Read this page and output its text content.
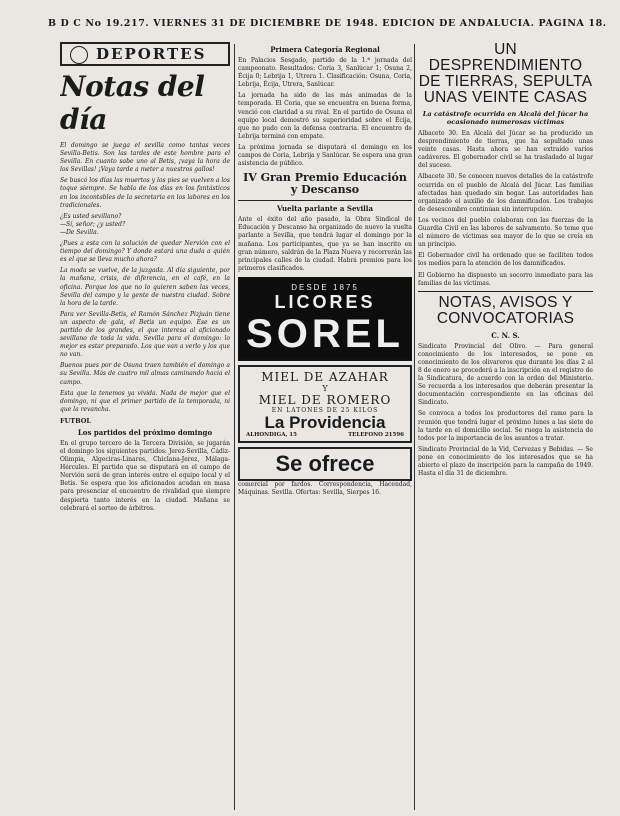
B D C No 19.217. VIERNES 31 DE DICIEMBRE DE 1948. EDICION DE ANDALUCIA. PAGINA 18.
DEPORTES
Notas del día

El domingo se juega el sevilla como tantas veces Sevilla-Betis. Son las tardes de este hombre para el Sevilla. En cuanto sabe uno al Betis, ¡vaya la hora de los Sevillas! ¡Vaya tarde a meter a nuestros gallos!

Se buscó los días las muertos y los pies se vuelven a los toque siempre. Se habla de los días en los fantásticos en los incontables de la secretaria en los labores en los tradicionales.

¿Es usted sevillano?
—Sí, señor; ¿y usted?
—De Sevilla.

¿Pues a esta con la solución de quedar Nervión con el tiempo del domingo? Y donde estará una duda a quién es el que se lleva mucho ahora?

La moda se vuelve, de la juzgada. Al día siguiente, por la mañana, crisis, de diferencia, en el café, en la oficina. Porque los que no lo quieren saben las veces, Sevilla del campo y la gente de nuestra ciudad. Sobre la hora de la tarde.

Para ver Sevilla-Betis, el Ramón Sánchez Pizjuán tiene un aspecto de gala, el Betis un equipo. Ese es un partido de los grandes, el que interesa al aficionado sevillano de toda la vida. Sevilla para el domingo: lo mejor es estar preparado. Los que van a verlo y los que no van.

Buenos pues por de Osuna traen también el domingo a su Sevilla. Más de cuatro mil almas caminando hacia el campo.

Esta que la tenemos ya vivida. Nada de mejor que el domingo, ni que el primer partido de la temporada, ni que la revancha.

FUTBOL
Los partidos del próximo domingo

En el grupo tercero de la Tercera División, se jugarán el domingo los siguientes partidos: Jerez-Sevilla, Cádiz-Olimpia, Algeciras-Linares, Chiclana-Jerez, Málaga-Hércules. El partido que se disputará en el campo de Nervión será de gran interés entre el equipo local y el Betis. Se espera que los aficionados acudan en masa para presenciar el encuentro de rivalidad que siempre despierta tanto interés en la ciudad. Mañana se celebrará el sorteo de árbitros.

Primera Categoría Regional

En Palacios Sesgado, partido de la 1.ª jornada del campeonato. Resultados: Coria 3, Sanlúcar 1; Osuna 2, Écija 0; Lebrija 1, Utrera 1. Clasificación: Osuna, Coria, Lebrija, Écija, Utrera, Sanlúcar.

La jornada ha sido de las más animadas de la temporada. El Coria, que se encuentra en buena forma, venció con claridad a su rival. En el partido de Osuna el equipo local demostró su superioridad sobre el Écija, que no pudo con la defensa contraria. El encuentro de Lebrija terminó con empate.

La próxima jornada se disputará el domingo en los campos de Coria, Lebrija y Sanlúcar. Se espera una gran asistencia de público.

IV Gran Premio Educación y Descanso
Vuelta parlante a Sevilla

Ante el éxito del año pasado, la Obra Sindical de Educación y Descanso ha organizado de nuevo la vuelta parlante a Sevilla, que tendrá lugar el domingo por la mañana. Los participantes, que ya se han inscrito en gran número, saldrán de la Plaza Nueva y recorrerán las principales calles de la ciudad. Habrá premios para los primeros clasificados.

DESDE 1875
LICORES
SOREL
MIEL DE AZAHAR
Y
MIEL DE ROMERO
EN LATONES DE 25 KILOS
La Providencia
ALHONDIGA, 15	TELEFONO 21596
Se ofrece

comercial por fardos. Correspondencia, Hacendad, Máquinas. Sevilla. Ofertas: Sevilla, Sierpes 16.

UN DESPRENDIMIENTO DE TIERRAS, SEPULTA UNAS VEINTE CASAS
La catástrofe ocurrida en Alcalá del Júcar ha ocasionado numerosas víctimas

Albacete 30. En Alcalá del Júcar se ha producido un desprendimiento de tierras, que ha sepultado unas veinte casas. Hasta ahora se han extraído varios cadáveres. El gobernador civil se ha trasladado al lugar del suceso.

Albacete 30. Se conocen nuevos detalles de la catástrofe ocurrida en el pueblo de Alcalá del Júcar. Las familias afectadas han quedado sin hogar. Las autoridades han organizado el auxilio de los damnificados. Los trabajos de desescombro continúan sin interrupción.

Los vecinos del pueblo colaboran con las fuerzas de la Guardia Civil en las labores de salvamento. Se teme que el número de víctimas sea mayor de lo que se creía en un principio.

El Gobernador civil ha ordenado que se faciliten todos los medios para la atención de los damnificados.

El Gobierno ha dispuesto un socorro inmediato para las familias de las víctimas.

NOTAS, AVISOS Y CONVOCATORIAS
C. N. S.

Sindicato Provincial del Olivo. — Para general conocimiento de los interesados, se pone en conocimiento de los olivareros que durante los días 2 al 8 de enero se procederá a la inscripción en el registro de la Sindicatura, de acuerdo con la orden del Ministerio. Se recuerda a los interesados que deberán presentar la documentación correspondiente en las oficinas del Sindicato.

Se convoca a todos los productores del ramo para la reunión que tendrá lugar el próximo lunes a las siete de la tarde en el domicilio social. Se ruega la asistencia de todos por la importancia de los asuntos a tratar.

Sindicato Provincial de la Vid, Cervezas y Bebidas. — Se pone en conocimiento de los interesados que se ha abierto el plazo de inscripción para la campaña de 1949. Hasta el día 31 de diciembre.
